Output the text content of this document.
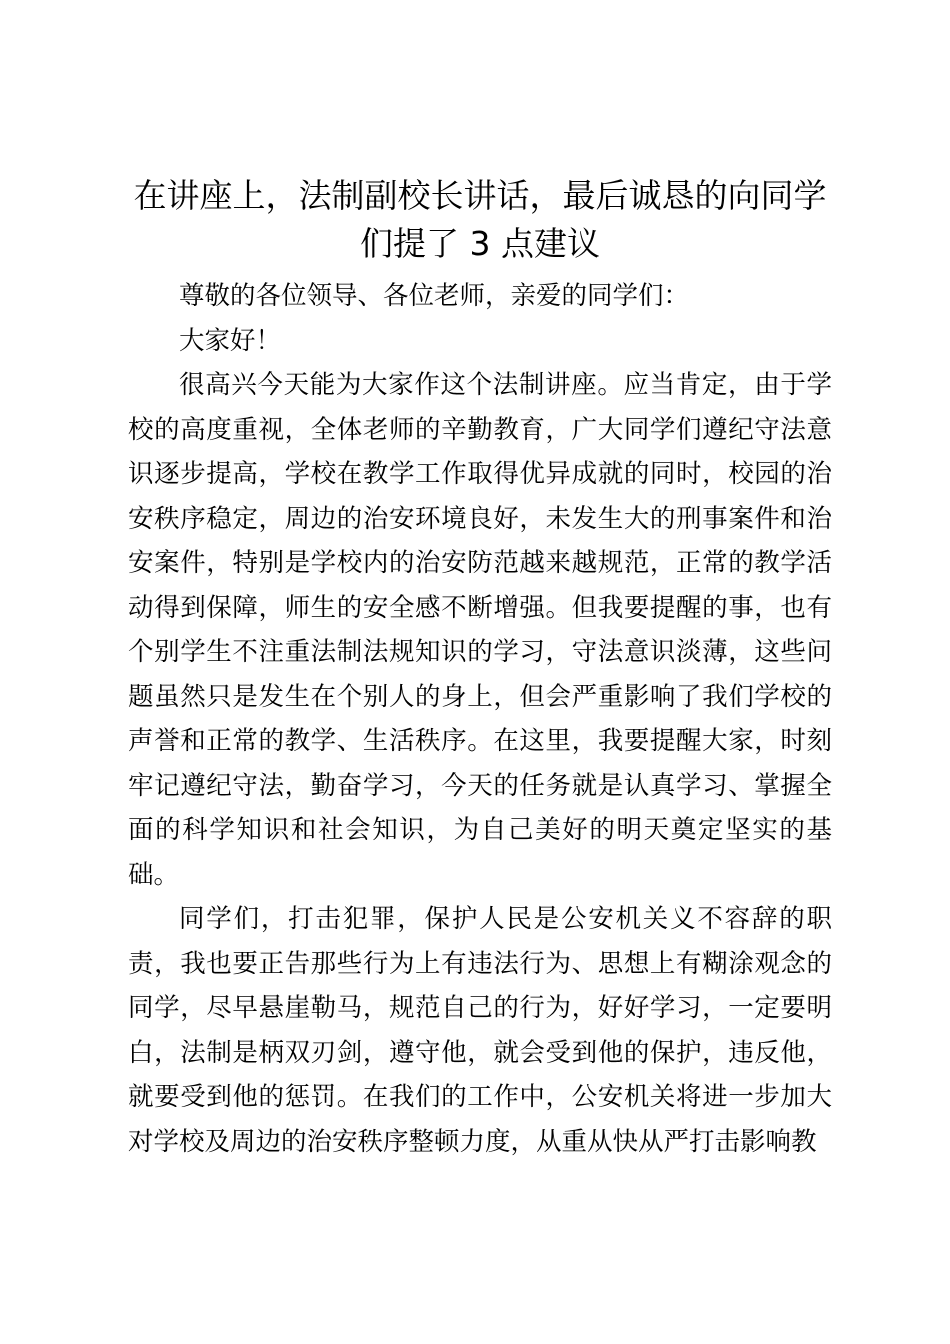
在讲座上，法制副校长讲话，最后诚恳的向同学们提了 3 点建议

尊敬的各位领导、各位老师，亲爱的同学们：

大家好！

很高兴今天能为大家作这个法制讲座。应当肯定，由于学校的高度重视，全体老师的辛勤教育，广大同学们遵纪守法意识逐步提高，学校在教学工作取得优异成就的同时，校园的治安秩序稳定，周边的治安环境良好，未发生大的刑事案件和治安案件，特别是学校内的治安防范越来越规范，正常的教学活动得到保障，师生的安全感不断增强。但我要提醒的事，也有个别学生不注重法制法规知识的学习，守法意识淡薄，这些问题虽然只是发生在个别人的身上，但会严重影响了我们学校的声誉和正常的教学、生活秩序。在这里，我要提醒大家，时刻牢记遵纪守法，勤奋学习，今天的任务就是认真学习、掌握全面的科学知识和社会知识，为自己美好的明天奠定坚实的基础。

同学们，打击犯罪，保护人民是公安机关义不容辞的职责，我也要正告那些行为上有违法行为、思想上有糊涂观念的同学，尽早悬崖勒马，规范自己的行为，好好学习，一定要明白，法制是柄双刃剑，遵守他，就会受到他的保护，违反他，就要受到他的惩罚。在我们的工作中，公安机关将进一步加大对学校及周边的治安秩序整顿力度，从重从快从严打击影响教
